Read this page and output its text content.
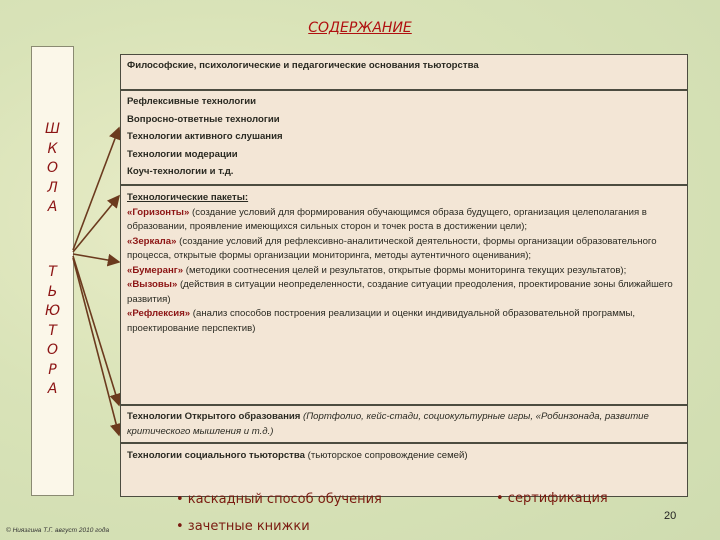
СОДЕРЖАНИЕ
Ш
К
О
Л
А
Т
Ь
Ю
Т
О
Р
А
Философские, психологические и педагогические основания тьюторства
Рефлексивные технологии
Вопросно-ответные технологии
Технологии активного слушания
Технологии модерации
Коуч-технологии и т.д.
Технологические пакеты:
«Горизонты» (создание условий для формирования обучающимся образа будущего, организация целеполагания в образовании, проявление имеющихся сильных сторон и точек роста в достижении цели);
«Зеркала» (создание условий для рефлексивно-аналитической деятельности, формы организации образовательного процесса, открытые формы организации мониторинга, методы аутентичного оценивания);
«Бумеранг» (методики соотнесения целей и результатов, открытые формы мониторинга текущих результатов);
«Вызовы» (действия в ситуации неопределенности, создание ситуации преодоления, проектирование зоны ближайшего развития)
«Рефлексия» (анализ способов построения реализации и оценки индивидуальной образовательной программы, проектирование перспектив)
Технологии Открытого образования (Портфолио, кейс-стади, социокультурные игры, «Робинзонада, развитие критического мышления и т.д.)
Технологии социального тьюторства (тьюторское сопровождение семей)
• каскадный способ обучения	• сертификация
• зачетные книжки
© Ниязгина Т.Г. август 2010 года
20
